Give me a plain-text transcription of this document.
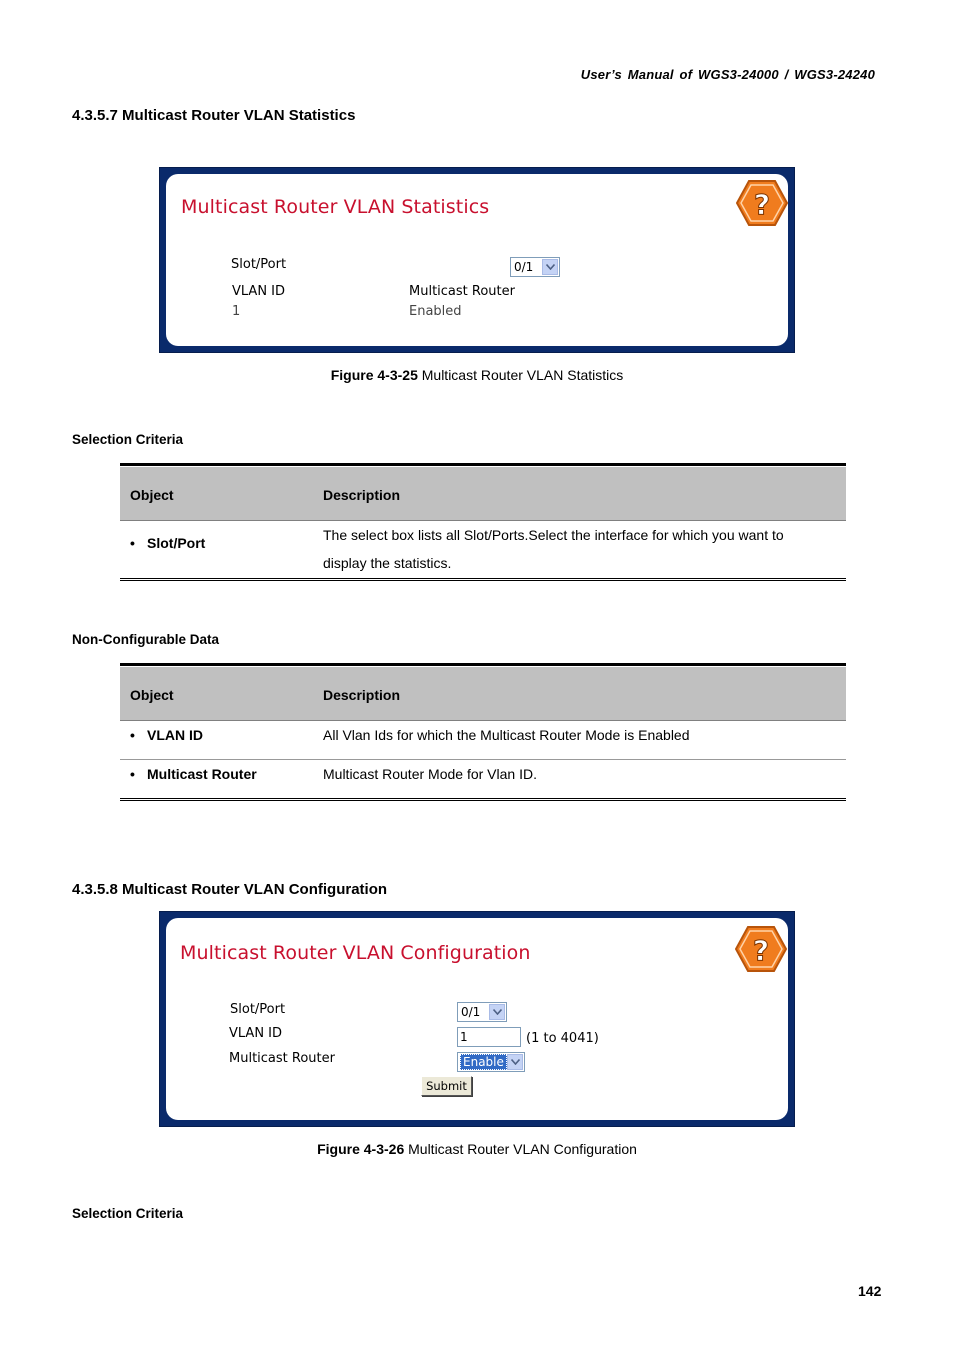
User’s Manual of WGS3-24000 / WGS3-24240
4.3.5.7 Multicast Router VLAN Statistics
Multicast Router VLAN Statistics	?
Slot/Port	0/1
VLAN ID	Multicast Router
1	Enabled
Figure 4-3-25 Multicast Router VLAN Statistics
Selection Criteria
Object	Description
• Slot/Port	The select box lists all Slot/Ports.Select the interface for which you want to display the statistics.
Non-Configurable Data
Object	Description
• VLAN ID	All Vlan Ids for which the Multicast Router Mode is Enabled
• Multicast Router	Multicast Router Mode for Vlan ID.
4.3.5.8 Multicast Router VLAN Configuration
Multicast Router VLAN Configuration	?
Slot/Port	0/1
VLAN ID	1	(1 to 4041)
Multicast Router	Enable
Submit
Figure 4-3-26 Multicast Router VLAN Configuration
Selection Criteria
142
